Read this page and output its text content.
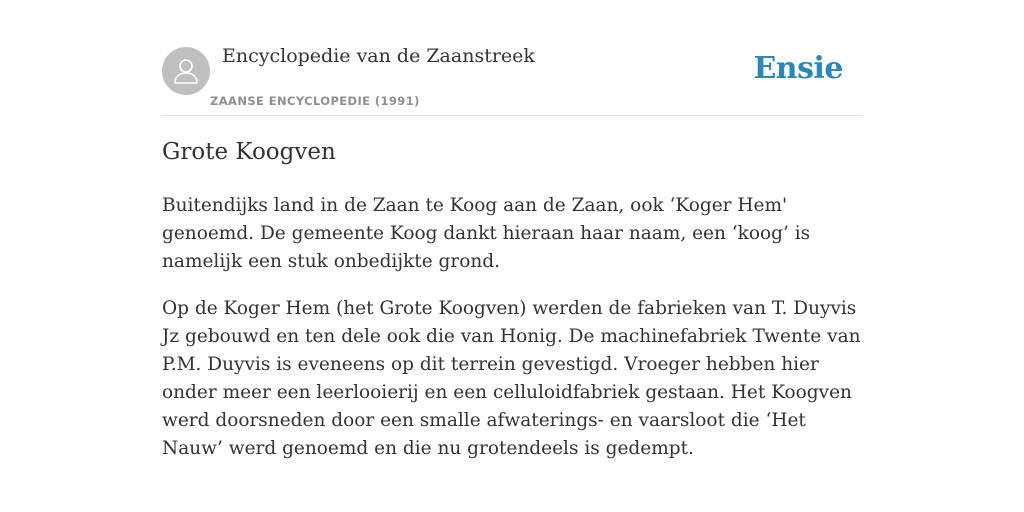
Encyclopedie van de Zaanstreek
ZAANSE ENCYCLOPEDIE (1991)
Ensie
Grote Koogven

Buitendijks land in de Zaan te Koog aan de Zaan, ook ‘Koger Hem' genoemd. De gemeente Koog dankt hieraan haar naam, een ‘koog’ is namelijk een stuk onbedijkte grond.

Op de Koger Hem (het Grote Koogven) werden de fabrieken van T. Duyvis Jz gebouwd en ten dele ook die van Honig. De machinefabriek Twente van P.M. Duyvis is eveneens op dit terrein gevestigd. Vroeger hebben hier onder meer een leerlooierij en een celluloidfabriek gestaan. Het Koogven werd doorsneden door een smalle afwaterings- en vaarsloot die ‘Het Nauw’ werd genoemd en die nu grotendeels is gedempt.
